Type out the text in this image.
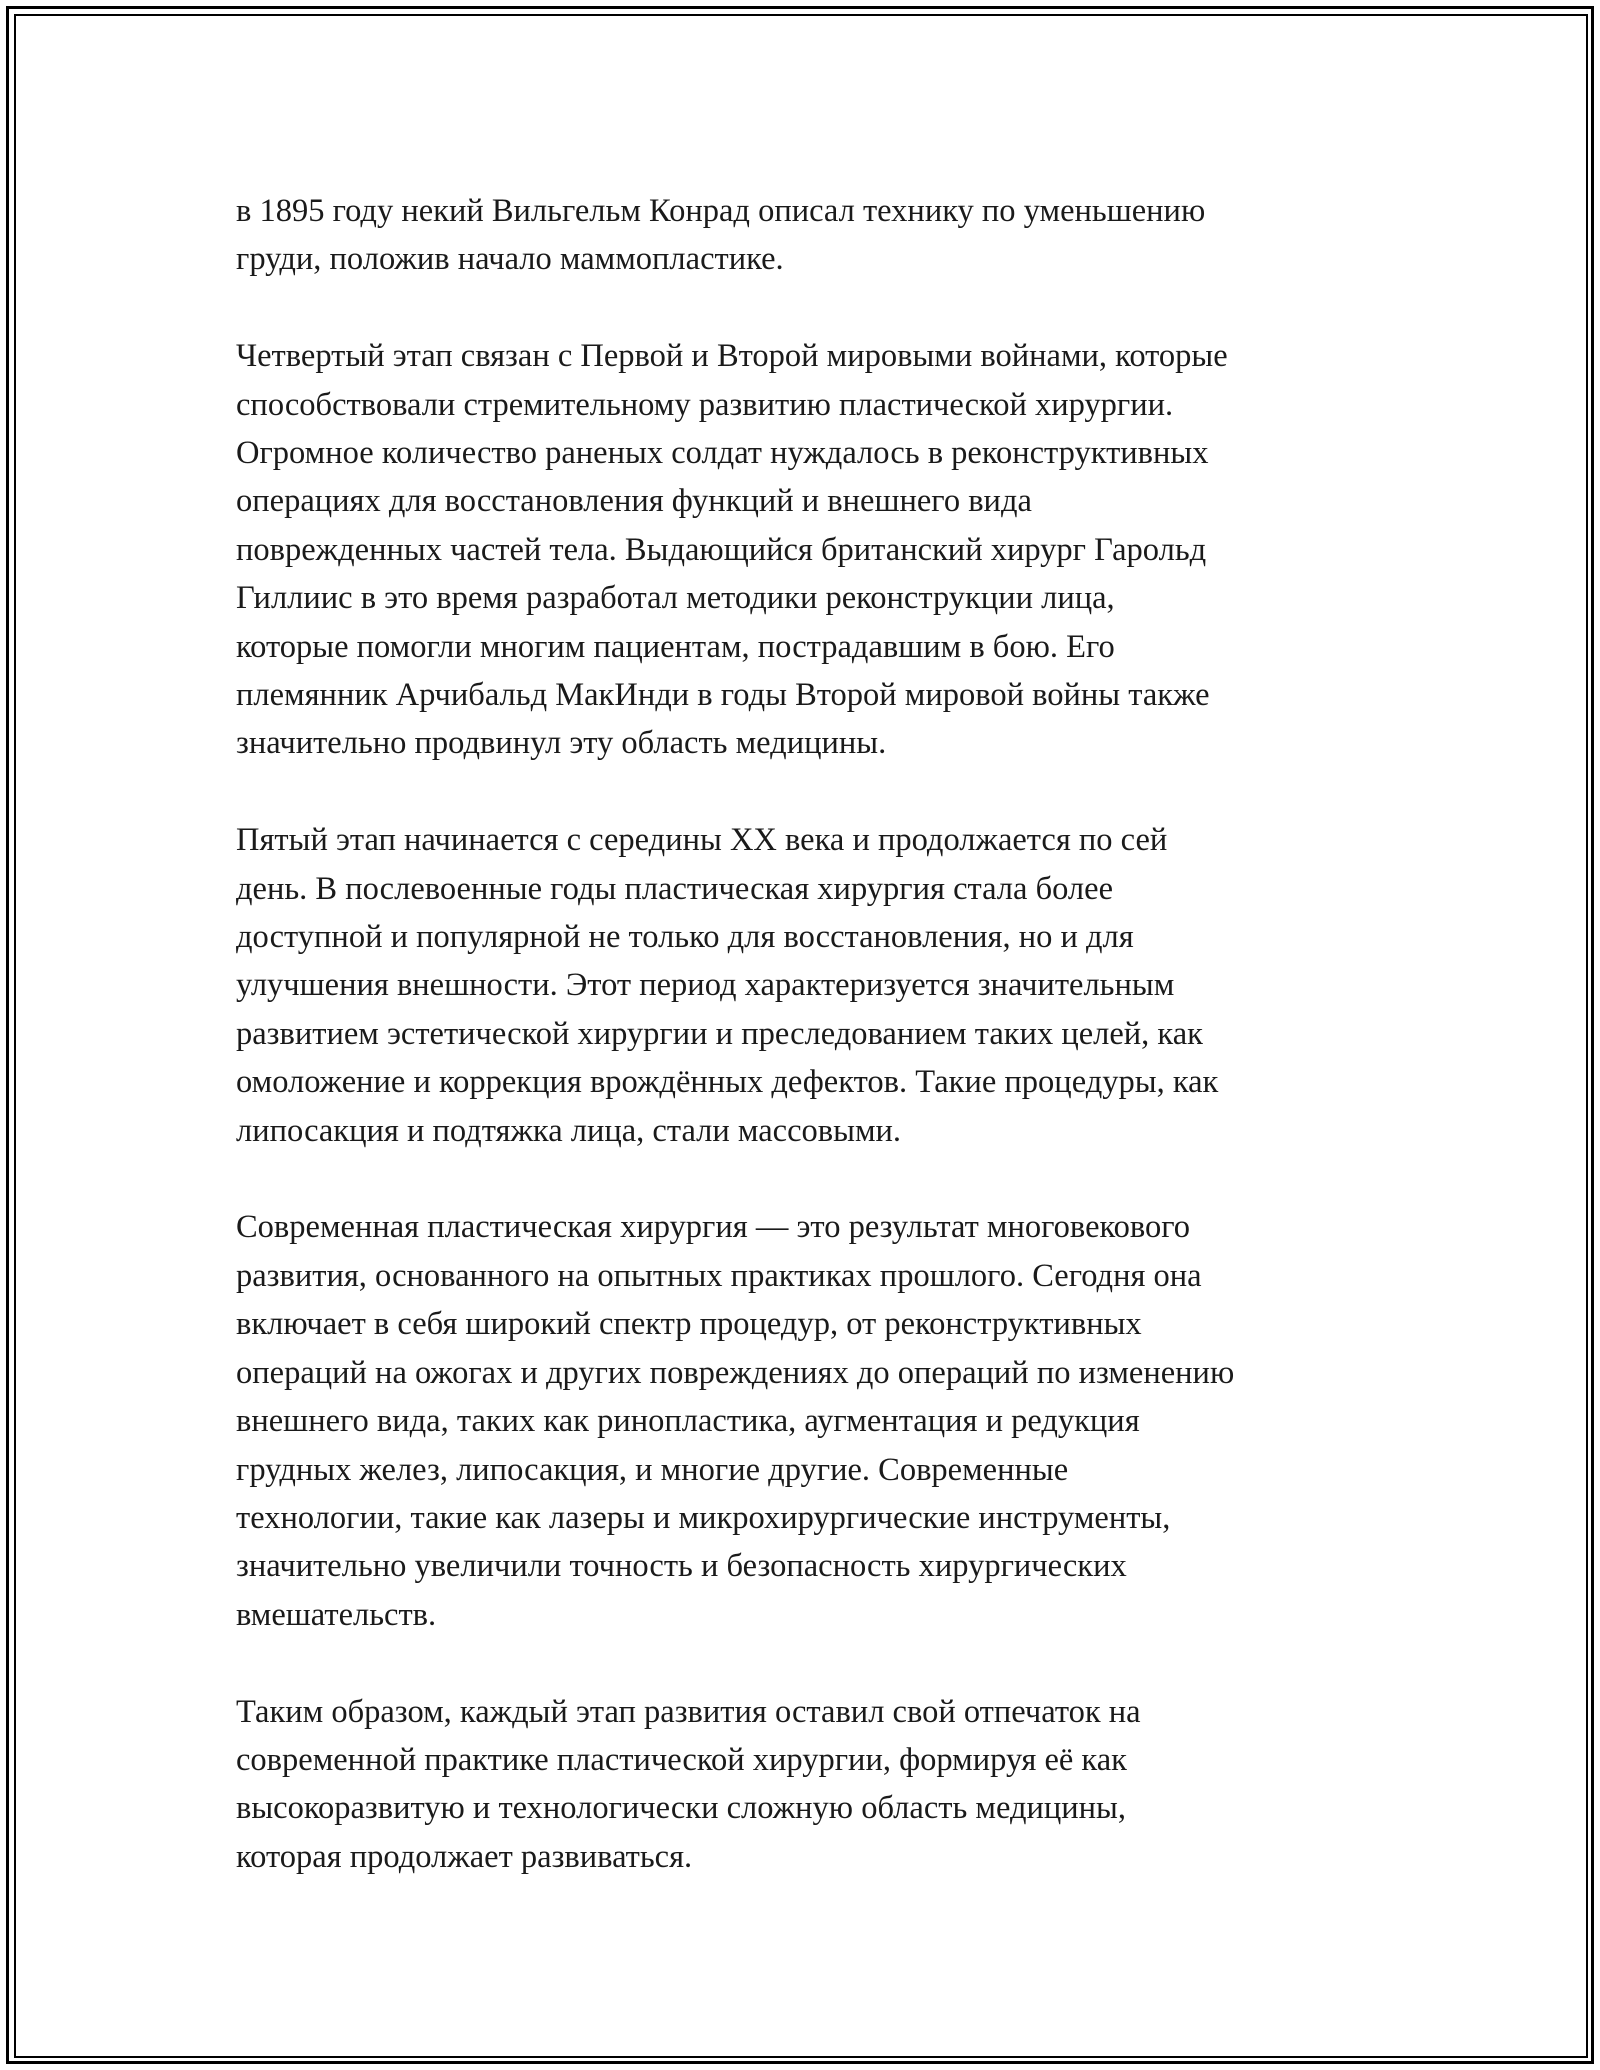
в 1895 году некий Вильгельм Конрад описал технику по уменьшению
груди, положив начало маммопластике.

Четвертый этап связан с Первой и Второй мировыми войнами, которые
способствовали стремительному развитию пластической хирургии.
Огромное количество раненых солдат нуждалось в реконструктивных
операциях для восстановления функций и внешнего вида
поврежденных частей тела. Выдающийся британский хирург Гарольд
Гиллиис в это время разработал методики реконструкции лица,
которые помогли многим пациентам, пострадавшим в бою. Его
племянник Арчибальд МакИнди в годы Второй мировой войны также
значительно продвинул эту область медицины.

Пятый этап начинается с середины XX века и продолжается по сей
день. В послевоенные годы пластическая хирургия стала более
доступной и популярной не только для восстановления, но и для
улучшения внешности. Этот период характеризуется значительным
развитием эстетической хирургии и преследованием таких целей, как
омоложение и коррекция врождённых дефектов. Такие процедуры, как
липосакция и подтяжка лица, стали массовыми.

Современная пластическая хирургия — это результат многовекового
развития, основанного на опытных практиках прошлого. Сегодня она
включает в себя широкий спектр процедур, от реконструктивных
операций на ожогах и других повреждениях до операций по изменению
внешнего вида, таких как ринопластика, аугментация и редукция
грудных желез, липосакция, и многие другие. Современные
технологии, такие как лазеры и микрохирургические инструменты,
значительно увеличили точность и безопасность хирургических
вмешательств.

Таким образом, каждый этап развития оставил свой отпечаток на
современной практике пластической хирургии, формируя её как
высокоразвитую и технологически сложную область медицины,
которая продолжает развиваться.
